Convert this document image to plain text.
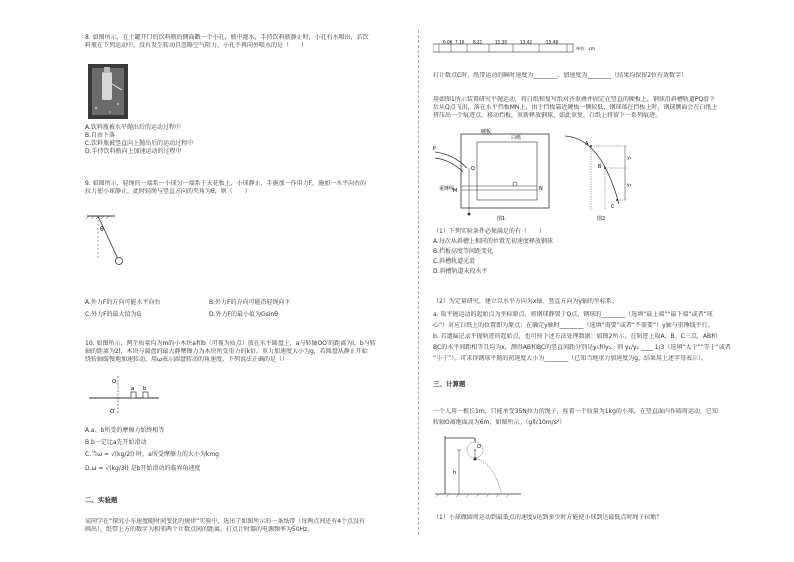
8. 如图所示，在土罐开口的饮料瓶的侧面戳一个小孔，瓶中灌水，手持饮料瓶静止时，小孔有水喷出，若饮
料瓶在下列运动中，没有发生转动且忽略空气阻力，小孔不再向外喷水的是（　　）
A.饮料瓶被水平抛出后的运动过程中
B.自由下落
C.饮料瓶被竖直向上抛出后的运动过程中
D.手持饮料瓶向上加速运动的过程中
9. 如图所示，轻绳的一端系一小球另一端系于天花板上，小球静止，手施加一作用力F，施加一水平向右的
拉力使小球静止，此时轻绳与竖直方向的夹角为θ，则（　　）
θ
A.外力F的方向可能水平向右	B.外力F的方向可能沿轻绳向下
C.外力F的最大值为G	D.外力F的最小值为Gsinθ
10. 如图所示，两个质量均为m的小木块a和b（可视为质点）放在水平圆盘上，a与转轴OO′的距离为l，b与转
轴的距离为2l，木块与圆盘的最大静摩擦力为木块所受重力的k倍，重力加速度大小为g，若圆盘从静止开始
绕转轴缓慢地加速转动，用ω表示圆盘转动的角速度，下列说法正确的是（）
O
a b
O′
A.a、b所受的摩擦力始终相等
B.b一定比a先开始滑动
C.当ω = √(kg/2l) 时，a所受摩擦力的大小为kmg
D.ω = √(kg/3l) 是b开始滑动的临界角速度
二、实验题
某同学在“探究小车速度随时间变化的规律”实验中，选出了如图所示的一条纸带（每两点间还有4个点没有
画出），纸带上方的数字为相邻两个计数点间的距离，打点计时器的电源频率为50Hz。
0.06 7.10 8.21	11.30	13.42	15.48
单位：cm
打计数点C时，纸带运动的瞬时速度为________，加速度为________（结果均保留2位有效数字）
用如图1所示装置研究平抛运动，将白纸和复写纸对齐重叠并固定在竖直的硬板上，钢球沿斜槽轨道PQ滑下
后从Q点飞出，落在水平挡板MN上，由于挡板靠近硬板一侧较低，钢球落在挡板上时，钢球侧面会在白纸上
挤压出一个痕迹点，移动挡板，重新释放钢球，如此重复，白纸上将留下一系列痕迹。
硬板
白纸
P
Q
重锤线
M	N
图1
A
B
C
y₁
y₂
图2
（1）下列实验条件必须满足的有（　　）
A.每次从斜槽上相同的位置无初速度释放钢球
B.挡板高度等间距变化
C.斜槽轨道光滑
D.斜槽轨道末段水平
（2）为定量研究，建立以水平方向为x轴、竖直方向为y轴的坐标系。
a. 取平抛运动的起始点为坐标原点，将钢球静置于Q点，钢球的________（选填“最上端”“最下端”或者“球
心”）对应白纸上的位置即为原点；在确定y轴时________（选填“需要”或者“不需要”）y轴与重锤线平行。
b. 若遗漏记录平抛轨迹的起始点，也可按下述方法处理数据：如图2所示，在轨迹上取A、B、C三点，AB和
BC的水平间距相等且均为x，测得AB和BC的竖直间距分别是y₁和y₂，则 y₁/y₂ ____ 1/3（选填“大于”“等于”或者
“小于”）。可求得钢球平抛的初速度大小为________（已知当地重力加速度为g，结果用上述字母表示）。
三、计算题
一个人用一根长1m，只能承受35N拉力的绳子，拴着一个质量为1kg的小球，在竖直面内作圆周运动，已知
转轴O离地面高为6m，如图所示。（g取10m/s²）
O
h
（1）小球做圆周运动到最低点的速度v达到多少时方能使小球到达最低点时绳子拉断？
